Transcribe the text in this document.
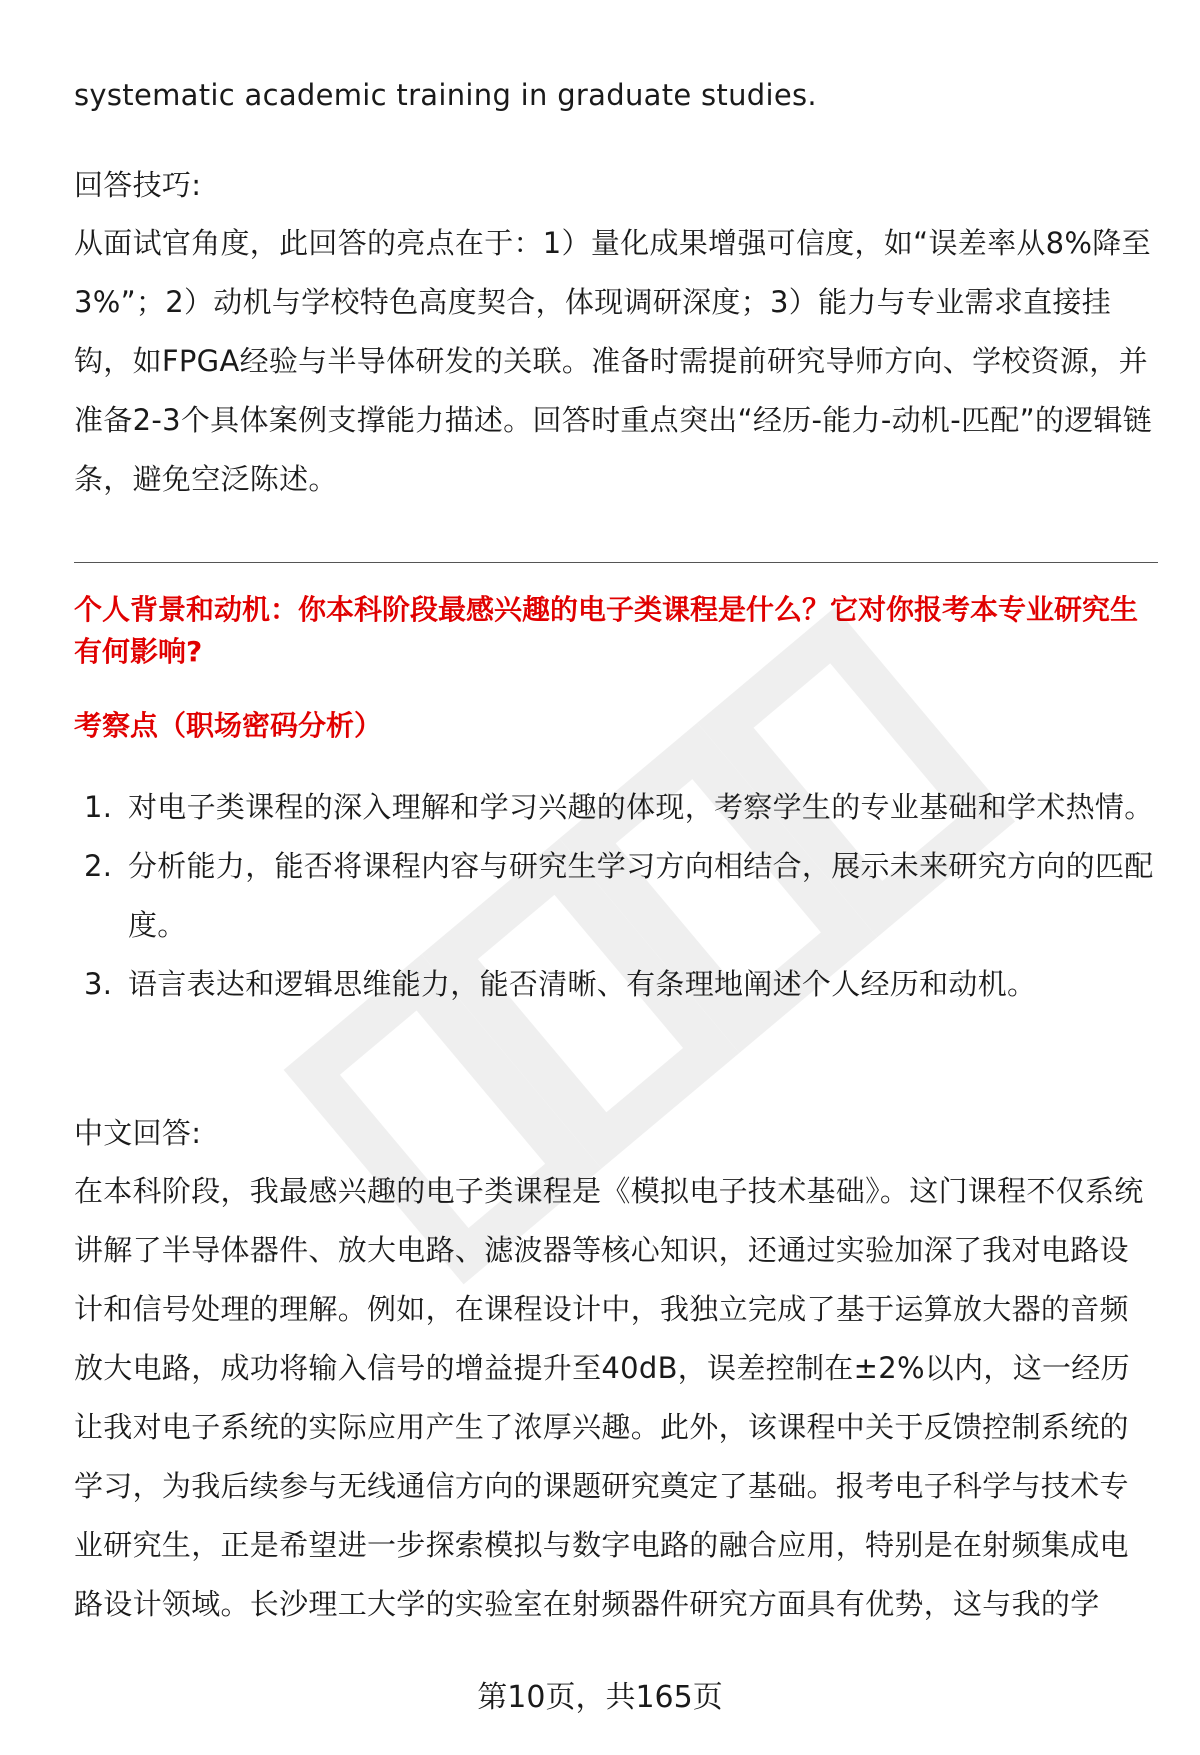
systematic academic training in graduate studies.

回答技巧:

从面试官角度，此回答的亮点在于：1）量化成果增强可信度，如“误差率从8%降至3%”；2）动机与学校特色高度契合，体现调研深度；3）能力与专业需求直接挂钩，如FPGA经验与半导体研发的关联。准备时需提前研究导师方向、学校资源，并准备2-3个具体案例支撑能力描述。回答时重点突出“经历-能力-动机-匹配”的逻辑链条，避免空泛陈述。

个人背景和动机：你本科阶段最感兴趣的电子类课程是什么？它对你报考本专业研究生有何影响?
考察点（职场密码分析）
1. 对电子类课程的深入理解和学习兴趣的体现，考察学生的专业基础和学术热情。
2. 分析能力，能否将课程内容与研究生学习方向相结合，展示未来研究方向的匹配度。
3. 语言表达和逻辑思维能力，能否清晰、有条理地阐述个人经历和动机。

中文回答:

在本科阶段，我最感兴趣的电子类课程是《模拟电子技术基础》。这门课程不仅系统讲解了半导体器件、放大电路、滤波器等核心知识，还通过实验加深了我对电路设计和信号处理的理解。例如，在课程设计中，我独立完成了基于运算放大器的音频放大电路，成功将输入信号的增益提升至40dB，误差控制在±2%以内，这一经历让我对电子系统的实际应用产生了浓厚兴趣。此外，该课程中关于反馈控制系统的学习，为我后续参与无线通信方向的课题研究奠定了基础。报考电子科学与技术专业研究生，正是希望进一步探索模拟与数字电路的融合应用，特别是在射频集成电路设计领域。长沙理工大学的实验室在射频器件研究方面具有优势，这与我的学

第10页，共165页
